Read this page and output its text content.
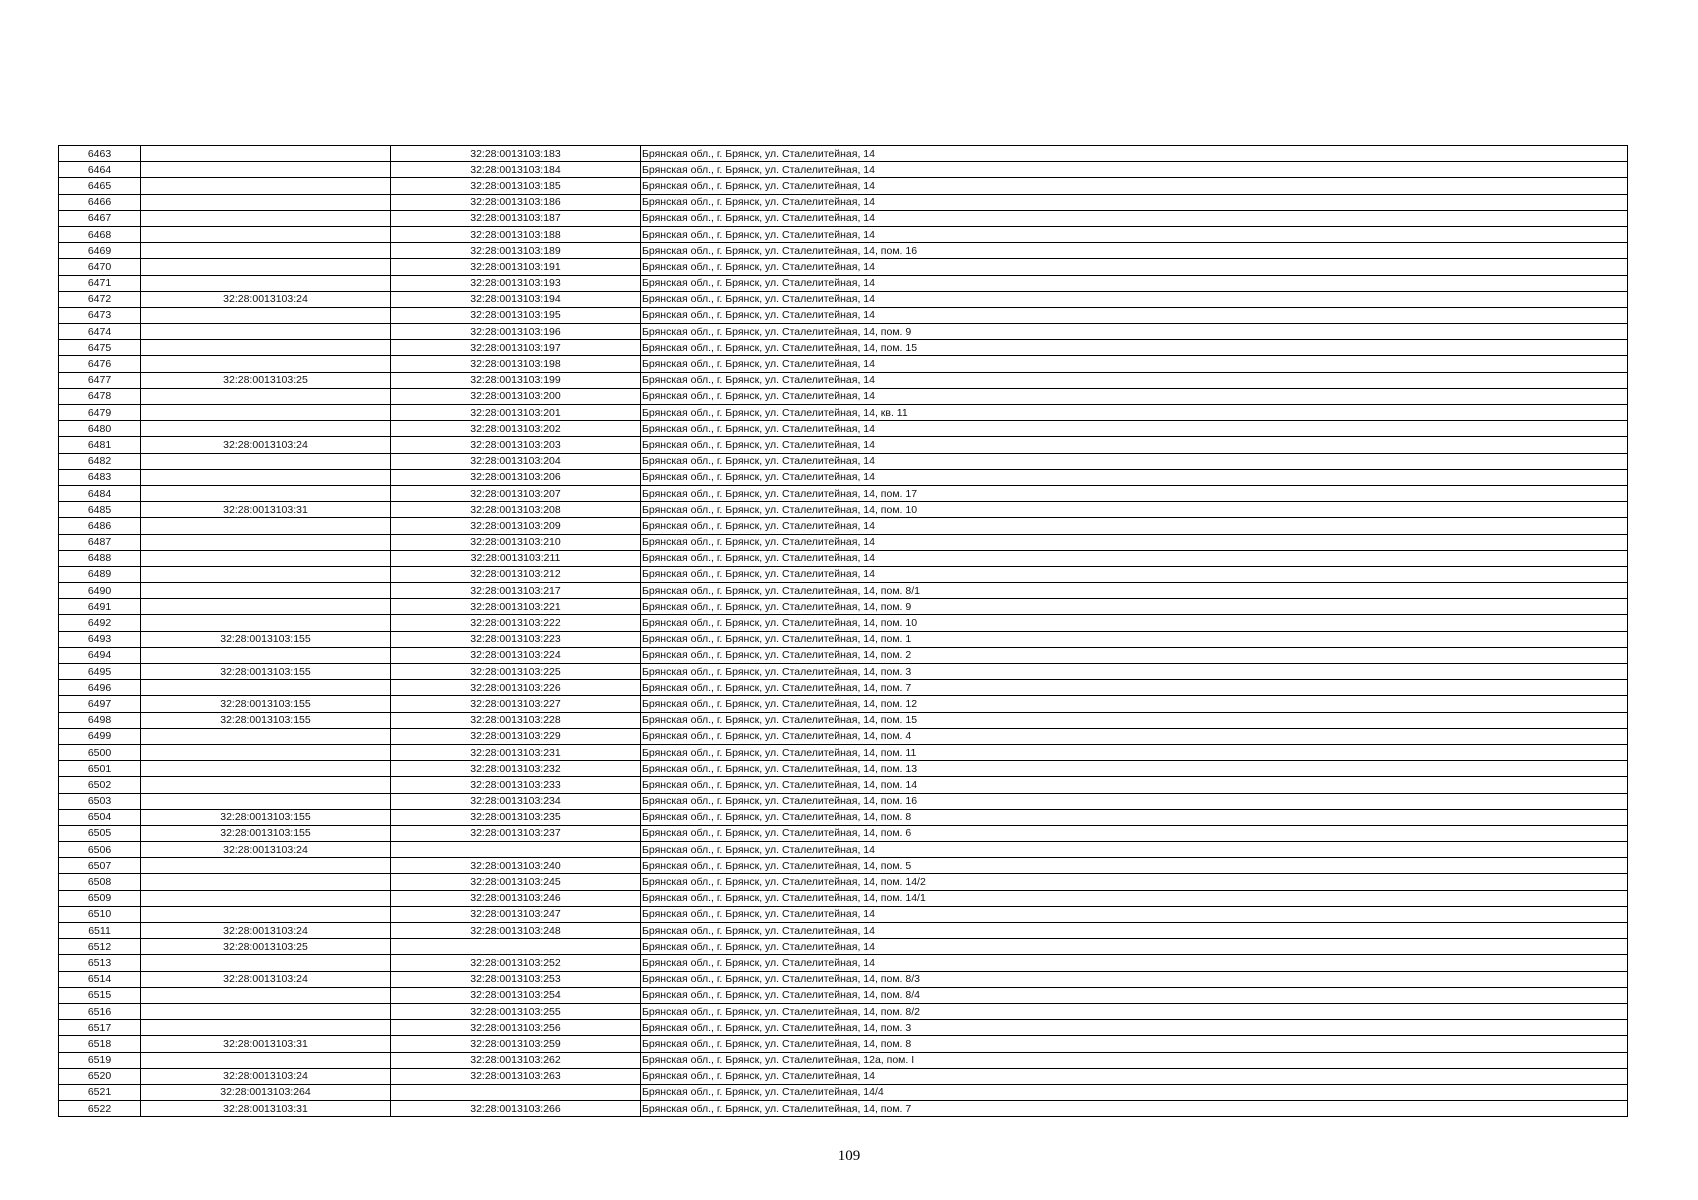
6463		32:28:0013103:183	Брянская обл., г. Брянск, ул. Сталелитейная, 14
6464		32:28:0013103:184	Брянская обл., г. Брянск, ул. Сталелитейная, 14
6465		32:28:0013103:185	Брянская обл., г. Брянск, ул. Сталелитейная, 14
6466		32:28:0013103:186	Брянская обл., г. Брянск, ул. Сталелитейная, 14
6467		32:28:0013103:187	Брянская обл., г. Брянск, ул. Сталелитейная, 14
6468		32:28:0013103:188	Брянская обл., г. Брянск, ул. Сталелитейная, 14
6469		32:28:0013103:189	Брянская обл., г. Брянск, ул. Сталелитейная, 14, пом. 16
6470		32:28:0013103:191	Брянская обл., г. Брянск, ул. Сталелитейная, 14
6471		32:28:0013103:193	Брянская обл., г. Брянск, ул. Сталелитейная, 14
6472	32:28:0013103:24	32:28:0013103:194	Брянская обл., г. Брянск, ул. Сталелитейная, 14
6473		32:28:0013103:195	Брянская обл., г. Брянск, ул. Сталелитейная, 14
6474		32:28:0013103:196	Брянская обл., г. Брянск, ул. Сталелитейная, 14, пом. 9
6475		32:28:0013103:197	Брянская обл., г. Брянск, ул. Сталелитейная, 14, пом. 15
6476		32:28:0013103:198	Брянская обл., г. Брянск, ул. Сталелитейная, 14
6477	32:28:0013103:25	32:28:0013103:199	Брянская обл., г. Брянск, ул. Сталелитейная, 14
6478		32:28:0013103:200	Брянская обл., г. Брянск, ул. Сталелитейная, 14
6479		32:28:0013103:201	Брянская обл., г. Брянск, ул. Сталелитейная, 14, кв. 11
6480		32:28:0013103:202	Брянская обл., г. Брянск, ул. Сталелитейная, 14
6481	32:28:0013103:24	32:28:0013103:203	Брянская обл., г. Брянск, ул. Сталелитейная, 14
6482		32:28:0013103:204	Брянская обл., г. Брянск, ул. Сталелитейная, 14
6483		32:28:0013103:206	Брянская обл., г. Брянск, ул. Сталелитейная, 14
6484		32:28:0013103:207	Брянская обл., г. Брянск, ул. Сталелитейная, 14, пом. 17
6485	32:28:0013103:31	32:28:0013103:208	Брянская обл., г. Брянск, ул. Сталелитейная, 14, пом. 10
6486		32:28:0013103:209	Брянская обл., г. Брянск, ул. Сталелитейная, 14
6487		32:28:0013103:210	Брянская обл., г. Брянск, ул. Сталелитейная, 14
6488		32:28:0013103:211	Брянская обл., г. Брянск, ул. Сталелитейная, 14
6489		32:28:0013103:212	Брянская обл., г. Брянск, ул. Сталелитейная, 14
6490		32:28:0013103:217	Брянская обл., г. Брянск, ул. Сталелитейная, 14, пом. 8/1
6491		32:28:0013103:221	Брянская обл., г. Брянск, ул. Сталелитейная, 14, пом. 9
6492		32:28:0013103:222	Брянская обл., г. Брянск, ул. Сталелитейная, 14, пом. 10
6493	32:28:0013103:155	32:28:0013103:223	Брянская обл., г. Брянск, ул. Сталелитейная, 14, пом. 1
6494		32:28:0013103:224	Брянская обл., г. Брянск, ул. Сталелитейная, 14, пом. 2
6495	32:28:0013103:155	32:28:0013103:225	Брянская обл., г. Брянск, ул. Сталелитейная, 14, пом. 3
6496		32:28:0013103:226	Брянская обл., г. Брянск, ул. Сталелитейная, 14, пом. 7
6497	32:28:0013103:155	32:28:0013103:227	Брянская обл., г. Брянск, ул. Сталелитейная, 14, пом. 12
6498	32:28:0013103:155	32:28:0013103:228	Брянская обл., г. Брянск, ул. Сталелитейная, 14, пом. 15
6499		32:28:0013103:229	Брянская обл., г. Брянск, ул. Сталелитейная, 14, пом. 4
6500		32:28:0013103:231	Брянская обл., г. Брянск, ул. Сталелитейная, 14, пом. 11
6501		32:28:0013103:232	Брянская обл., г. Брянск, ул. Сталелитейная, 14, пом. 13
6502		32:28:0013103:233	Брянская обл., г. Брянск, ул. Сталелитейная, 14, пом. 14
6503		32:28:0013103:234	Брянская обл., г. Брянск, ул. Сталелитейная, 14, пом. 16
6504	32:28:0013103:155	32:28:0013103:235	Брянская обл., г. Брянск, ул. Сталелитейная, 14, пом. 8
6505	32:28:0013103:155	32:28:0013103:237	Брянская обл., г. Брянск, ул. Сталелитейная, 14, пом. 6
6506	32:28:0013103:24		Брянская обл., г. Брянск, ул. Сталелитейная, 14
6507		32:28:0013103:240	Брянская обл., г. Брянск, ул. Сталелитейная, 14, пом. 5
6508		32:28:0013103:245	Брянская обл., г. Брянск, ул. Сталелитейная, 14, пом. 14/2
6509		32:28:0013103:246	Брянская обл., г. Брянск, ул. Сталелитейная, 14, пом. 14/1
6510		32:28:0013103:247	Брянская обл., г. Брянск, ул. Сталелитейная, 14
6511	32:28:0013103:24	32:28:0013103:248	Брянская обл., г. Брянск, ул. Сталелитейная, 14
6512	32:28:0013103:25		Брянская обл., г. Брянск, ул. Сталелитейная, 14
6513		32:28:0013103:252	Брянская обл., г. Брянск, ул. Сталелитейная, 14
6514	32:28:0013103:24	32:28:0013103:253	Брянская обл., г. Брянск, ул. Сталелитейная, 14, пом. 8/3
6515		32:28:0013103:254	Брянская обл., г. Брянск, ул. Сталелитейная, 14, пом. 8/4
6516		32:28:0013103:255	Брянская обл., г. Брянск, ул. Сталелитейная, 14, пом. 8/2
6517		32:28:0013103:256	Брянская обл., г. Брянск, ул. Сталелитейная, 14, пом. 3
6518	32:28:0013103:31	32:28:0013103:259	Брянская обл., г. Брянск, ул. Сталелитейная, 14, пом. 8
6519		32:28:0013103:262	Брянская обл., г. Брянск, ул. Сталелитейная, 12а, пом. I
6520	32:28:0013103:24	32:28:0013103:263	Брянская обл., г. Брянск, ул. Сталелитейная, 14
6521	32:28:0013103:264		Брянская обл., г. Брянск, ул. Сталелитейная, 14/4
6522	32:28:0013103:31	32:28:0013103:266	Брянская обл., г. Брянск, ул. Сталелитейная, 14, пом. 7
109
